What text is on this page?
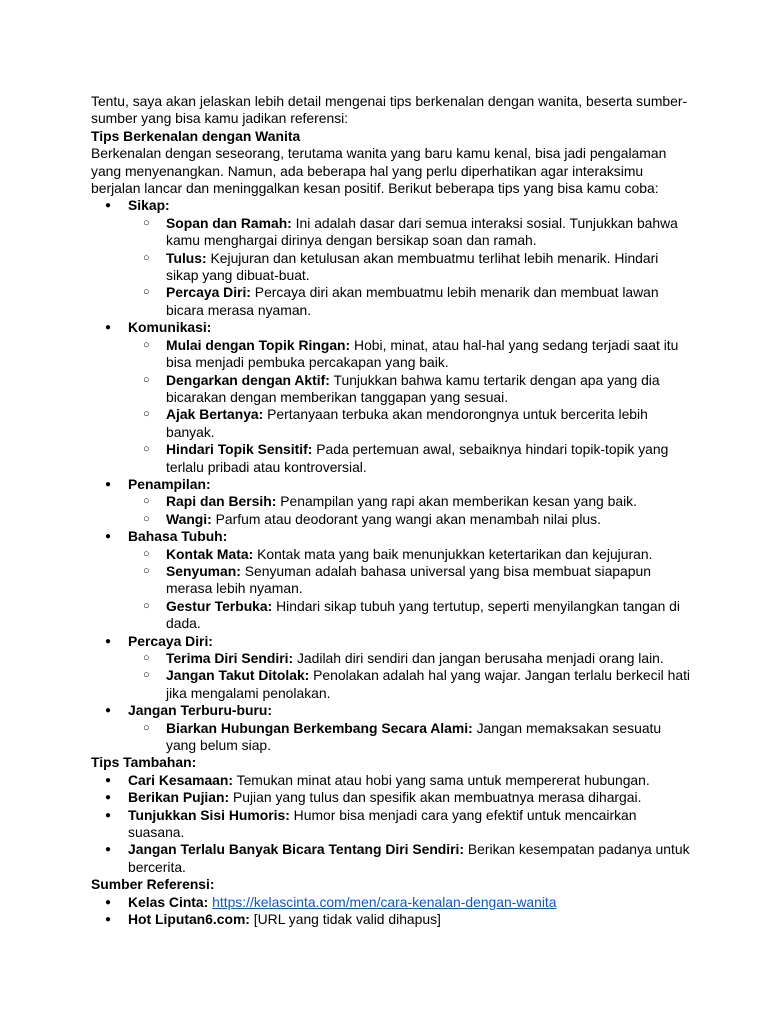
Tentu, saya akan jelaskan lebih detail mengenai tips berkenalan dengan wanita, beserta sumber-sumber yang bisa kamu jadikan referensi:

Tips Berkenalan dengan Wanita

Berkenalan dengan seseorang, terutama wanita yang baru kamu kenal, bisa jadi pengalaman yang menyenangkan. Namun, ada beberapa hal yang perlu diperhatikan agar interaksimu berjalan lancar dan meninggalkan kesan positif. Berikut beberapa tips yang bisa kamu coba:

● Sikap:
○ Sopan dan Ramah: Ini adalah dasar dari semua interaksi sosial. Tunjukkan bahwa kamu menghargai dirinya dengan bersikap soan dan ramah.
○ Tulus: Kejujuran dan ketulusan akan membuatmu terlihat lebih menarik. Hindari sikap yang dibuat-buat.
○ Percaya Diri: Percaya diri akan membuatmu lebih menarik dan membuat lawan bicara merasa nyaman.
● Komunikasi:
○ Mulai dengan Topik Ringan: Hobi, minat, atau hal-hal yang sedang terjadi saat itu bisa menjadi pembuka percakapan yang baik.
○ Dengarkan dengan Aktif: Tunjukkan bahwa kamu tertarik dengan apa yang dia bicarakan dengan memberikan tanggapan yang sesuai.
○ Ajak Bertanya: Pertanyaan terbuka akan mendorongnya untuk bercerita lebih banyak.
○ Hindari Topik Sensitif: Pada pertemuan awal, sebaiknya hindari topik-topik yang terlalu pribadi atau kontroversial.
● Penampilan:
○ Rapi dan Bersih: Penampilan yang rapi akan memberikan kesan yang baik.
○ Wangi: Parfum atau deodorant yang wangi akan menambah nilai plus.
● Bahasa Tubuh:
○ Kontak Mata: Kontak mata yang baik menunjukkan ketertarikan dan kejujuran.
○ Senyuman: Senyuman adalah bahasa universal yang bisa membuat siapapun merasa lebih nyaman.
○ Gestur Terbuka: Hindari sikap tubuh yang tertutup, seperti menyilangkan tangan di dada.
● Percaya Diri:
○ Terima Diri Sendiri: Jadilah diri sendiri dan jangan berusaha menjadi orang lain.
○ Jangan Takut Ditolak: Penolakan adalah hal yang wajar. Jangan terlalu berkecil hati jika mengalami penolakan.
● Jangan Terburu-buru:
○ Biarkan Hubungan Berkembang Secara Alami: Jangan memaksakan sesuatu yang belum siap.

Tips Tambahan:

● Cari Kesamaan: Temukan minat atau hobi yang sama untuk mempererat hubungan.
● Berikan Pujian: Pujian yang tulus dan spesifik akan membuatnya merasa dihargai.
● Tunjukkan Sisi Humoris: Humor bisa menjadi cara yang efektif untuk mencairkan suasana.
● Jangan Terlalu Banyak Bicara Tentang Diri Sendiri: Berikan kesempatan padanya untuk bercerita.

Sumber Referensi:

● Kelas Cinta: https://kelascinta.com/men/cara-kenalan-dengan-wanita
● Hot Liputan6.com: [URL yang tidak valid dihapus]
